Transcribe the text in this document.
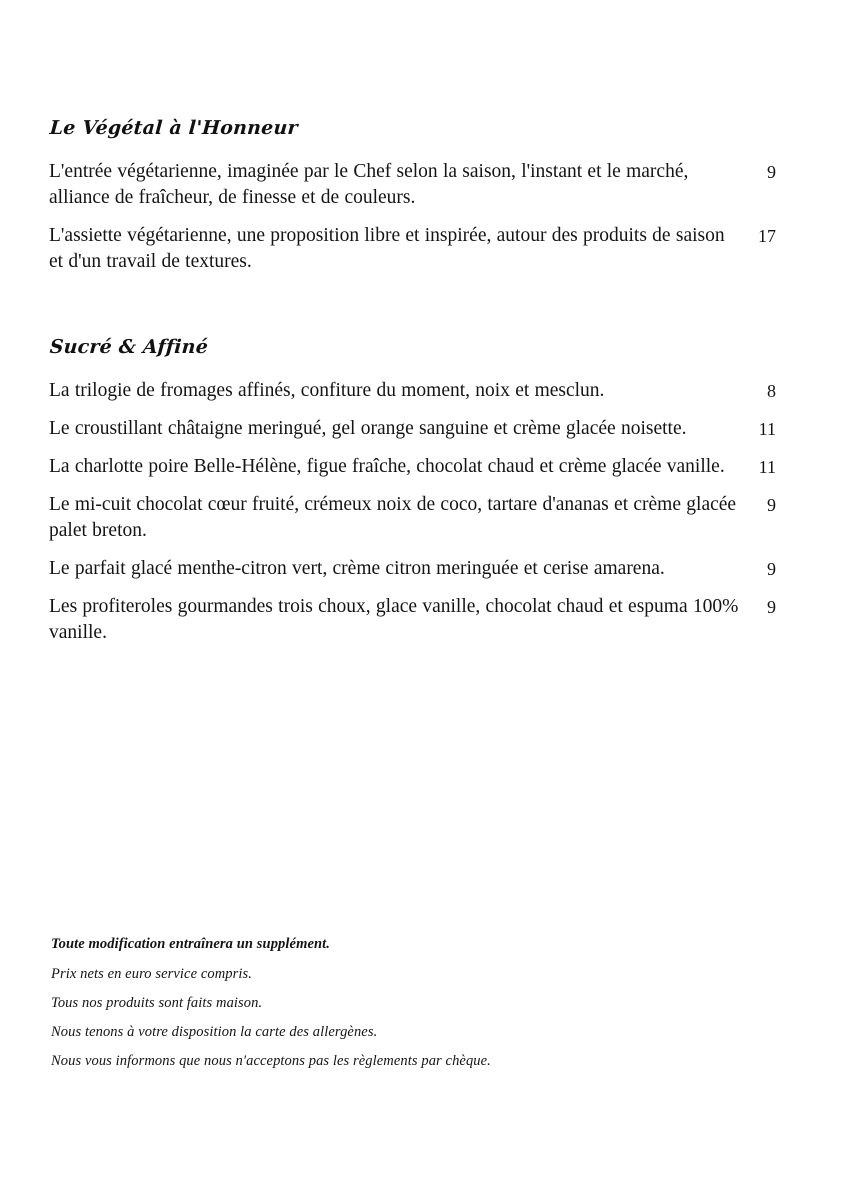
Le Végétal à l'Honneur
9
L'entrée végétarienne, imaginée par le Chef selon la saison, l'instant et le marché, alliance de fraîcheur, de finesse et de couleurs.
17
L'assiette végétarienne, une proposition libre et inspirée, autour des produits de saison et d'un travail de textures.
Sucré & Affiné
8
La trilogie de fromages affinés, confiture du moment, noix et mesclun.
11
Le croustillant châtaigne meringué, gel orange sanguine et crème glacée noisette.
11
La charlotte poire Belle-Hélène, figue fraîche, chocolat chaud et crème glacée vanille.
9
Le mi-cuit chocolat cœur fruité, crémeux noix de coco, tartare d'ananas et crème glacée palet breton.
9
Le parfait glacé menthe-citron vert, crème citron meringuée et cerise amarena.
9
Les profiteroles gourmandes trois choux, glace vanille, chocolat chaud et espuma 100% vanille.
Toute modification entraînera un supplément.
Prix nets en euro service compris.
Tous nos produits sont faits maison.
Nous tenons à votre disposition la carte des allergènes.
Nous vous informons que nous n'acceptons pas les règlements par chèque.
